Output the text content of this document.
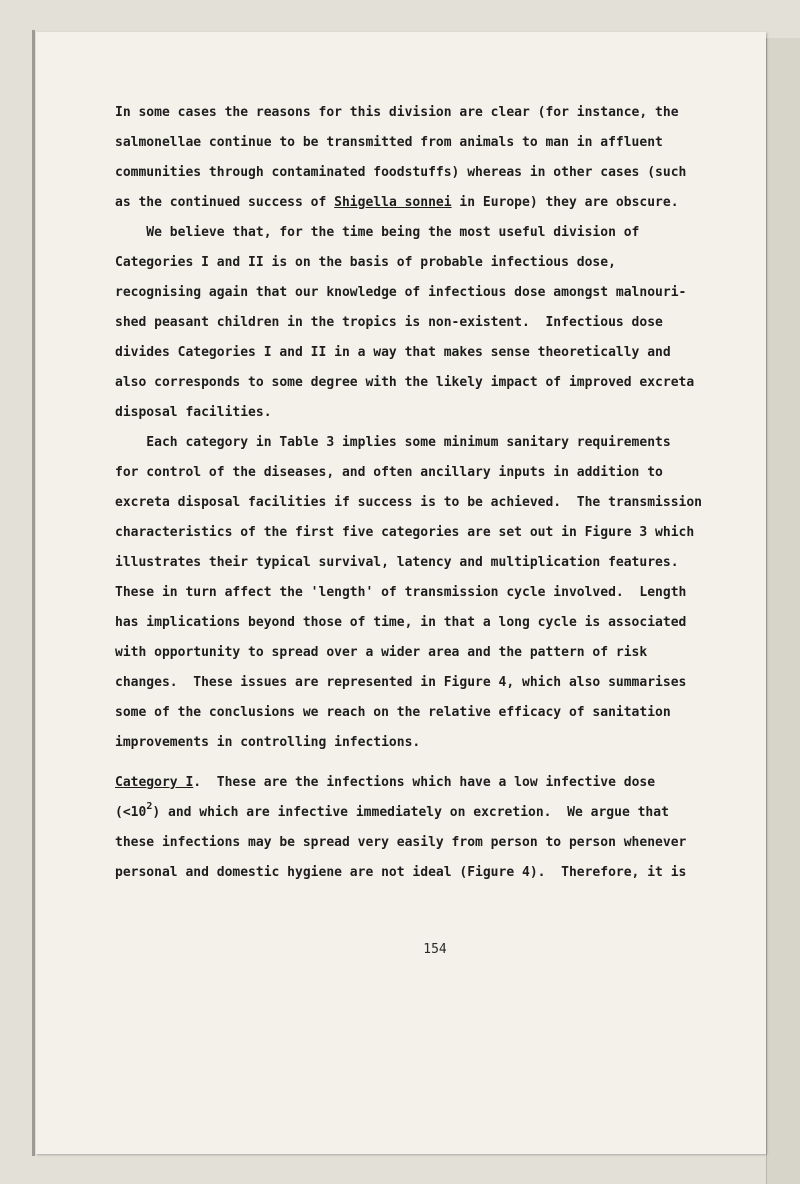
In some cases the reasons for this division are clear (for instance, the
salmonellae continue to be transmitted from animals to man in affluent
communities through contaminated foodstuffs) whereas in other cases (such
as the continued success of Shigella sonnei in Europe) they are obscure.
We believe that, for the time being the most useful division of
Categories I and II is on the basis of probable infectious dose,
recognising again that our knowledge of infectious dose amongst malnouri-
shed peasant children in the tropics is non-existent.  Infectious dose
divides Categories I and II in a way that makes sense theoretically and
also corresponds to some degree with the likely impact of improved excreta
disposal facilities.
Each category in Table 3 implies some minimum sanitary requirements
for control of the diseases, and often ancillary inputs in addition to
excreta disposal facilities if success is to be achieved.  The transmission
characteristics of the first five categories are set out in Figure 3 which
illustrates their typical survival, latency and multiplication features.
These in turn affect the 'length' of transmission cycle involved.  Length
has implications beyond those of time, in that a long cycle is associated
with opportunity to spread over a wider area and the pattern of risk
changes.  These issues are represented in Figure 4, which also summarises
some of the conclusions we reach on the relative efficacy of sanitation
improvements in controlling infections.
Category I.  These are the infections which have a low infective dose
$(<10^2)$ and which are infective immediately on excretion.  We argue that
these infections may be spread very easily from person to person whenever
personal and domestic hygiene are not ideal (Figure 4).  Therefore, it is
154
